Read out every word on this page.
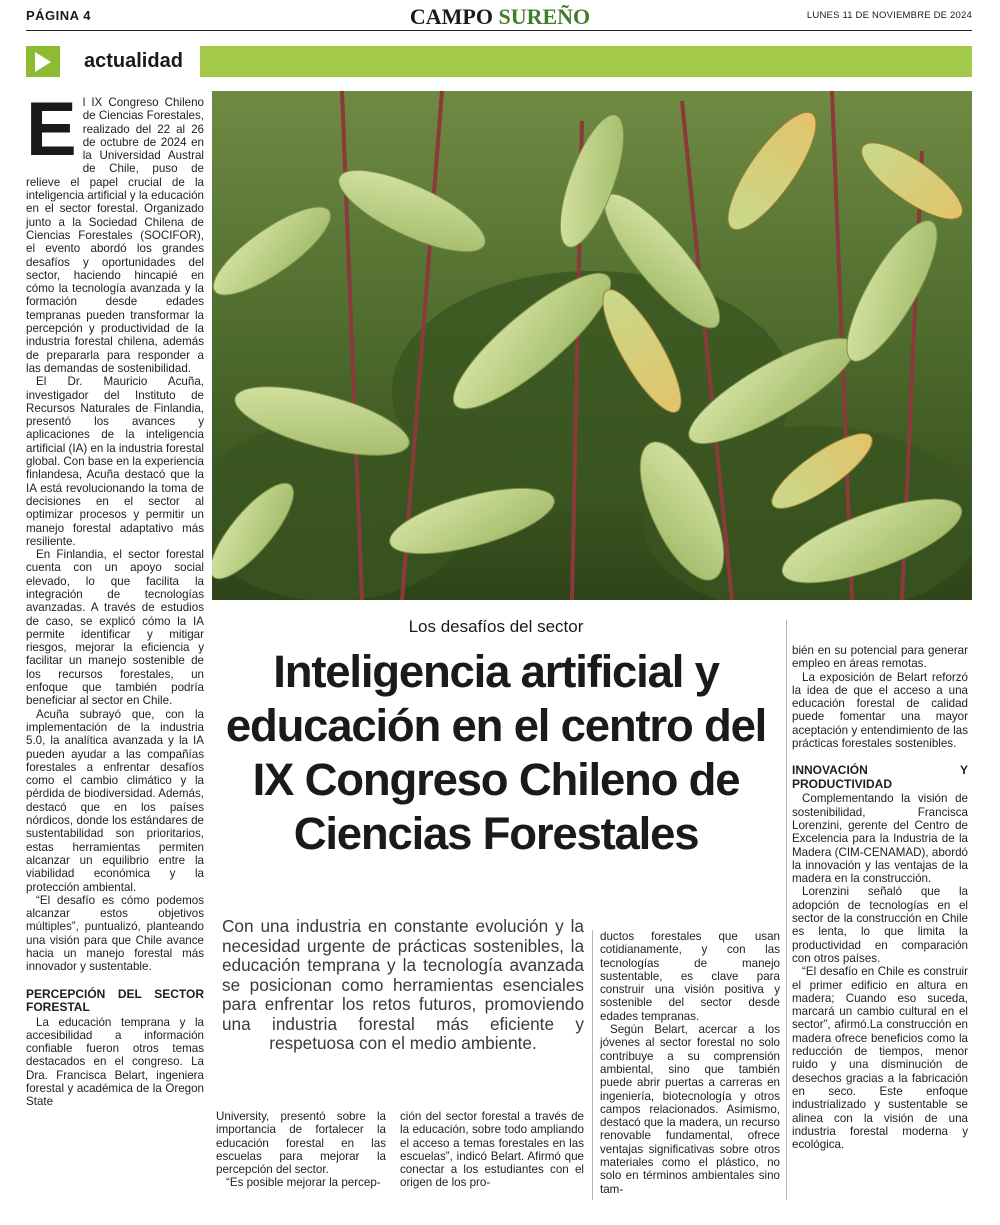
PÁGINA 4	CAMPO SUREÑO	LUNES 11 DE NOVIEMBRE DE 2024
actualidad
E l IX Congreso Chileno de Ciencias Forestales, realizado del 22 al 26 de octubre de 2024 en la Universidad Austral de Chile, puso de relieve el papel crucial de la inteligencia artificial y la educación en el sector forestal. Organizado junto a la Sociedad Chilena de Ciencias Forestales (SOCIFOR), el evento abordó los grandes desafíos y oportunidades del sector, haciendo hincapié en cómo la tecnología avanzada y la formación desde edades tempranas pueden transformar la percepción y productividad de la industria forestal chilena, además de prepararla para responder a las demandas de sostenibilidad.

El Dr. Mauricio Acuña, investigador del Instituto de Recursos Naturales de Finlandia, presentó los avances y aplicaciones de la inteligencia artificial (IA) en la industria forestal global. Con base en la experiencia finlandesa, Acuña destacó que la IA está revolucionando la toma de decisiones en el sector al optimizar procesos y permitir un manejo forestal adaptativo más resiliente.

En Finlandia, el sector forestal cuenta con un apoyo social elevado, lo que facilita la integración de tecnologías avanzadas. A través de estudios de caso, se explicó cómo la IA permite identificar y mitigar riesgos, mejorar la eficiencia y facilitar un manejo sostenible de los recursos forestales, un enfoque que también podría beneficiar al sector en Chile.

Acuña subrayó que, con la implementación de la industria 5.0, la analítica avanzada y la IA pueden ayudar a las compañías forestales a enfrentar desafíos como el cambio climático y la pérdida de biodiversidad. Además, destacó que en los países nórdicos, donde los estándares de sustentabilidad son prioritarios, estas herramientas permiten alcanzar un equilibrio entre la viabilidad económica y la protección ambiental.

“El desafío es cómo podemos alcanzar estos objetivos múltiples”, puntualizó, planteando una visión para que Chile avance hacia un manejo forestal más innovador y sustentable.

PERCEPCIÓN DEL SECTOR FORESTAL

La educación temprana y la accesibilidad a información confiable fueron otros temas destacados en el congreso. La Dra. Francisca Belart, ingeniera forestal y académica de la Oregon State

Los desafíos del sector
Inteligencia artificial y educación en el centro del IX Congreso Chileno de Ciencias Forestales
Con una industria en constante evolución y la necesidad urgente de prácticas sostenibles, la educación temprana y la tecnología avanzada se posicionan como herramientas esenciales para enfrentar los retos futuros, promoviendo una industria forestal más eficiente y respetuosa con el medio ambiente.

University, presentó sobre la importancia de fortalecer la educación forestal en las escuelas para mejorar la percepción del sector.

“Es posible mejorar la percep-

ción del sector forestal a través de la educación, sobre todo ampliando el acceso a temas forestales en las escuelas”, indicó Belart. Afirmó que conectar a los estudiantes con el origen de los pro-

ductos forestales que usan cotidianamente, y con las tecnologías de manejo sustentable, es clave para construir una visión positiva y sostenible del sector desde edades tempranas.

Según Belart, acercar a los jóvenes al sector forestal no solo contribuye a su comprensión ambiental, sino que también puede abrir puertas a carreras en ingeniería, biotecnología y otros campos relacionados. Asimismo, destacó que la madera, un recurso renovable fundamental, ofrece ventajas significativas sobre otros materiales como el plástico, no solo en términos ambientales sino tam-

bién en su potencial para generar empleo en áreas remotas.

La exposición de Belart reforzó la idea de que el acceso a una educación forestal de calidad puede fomentar una mayor aceptación y entendimiento de las prácticas forestales sostenibles.

INNOVACIÓN Y PRODUCTIVIDAD

Complementando la visión de sostenibilidad, Francisca Lorenzini, gerente del Centro de Excelencia para la Industria de la Madera (CIM-CENAMAD), abordó la innovación y las ventajas de la madera en la construcción.

Lorenzini señaló que la adopción de tecnologías en el sector de la construcción en Chile es lenta, lo que limita la productividad en comparación con otros países.

“El desafío en Chile es construir el primer edificio en altura en madera; Cuando eso suceda, marcará un cambio cultural en el sector”, afirmó.La construcción en madera ofrece beneficios como la reducción de tiempos, menor ruido y una disminución de desechos gracias a la fabricación en seco. Este enfoque industrializado y sustentable se alinea con la visión de una industria forestal moderna y ecológica.
